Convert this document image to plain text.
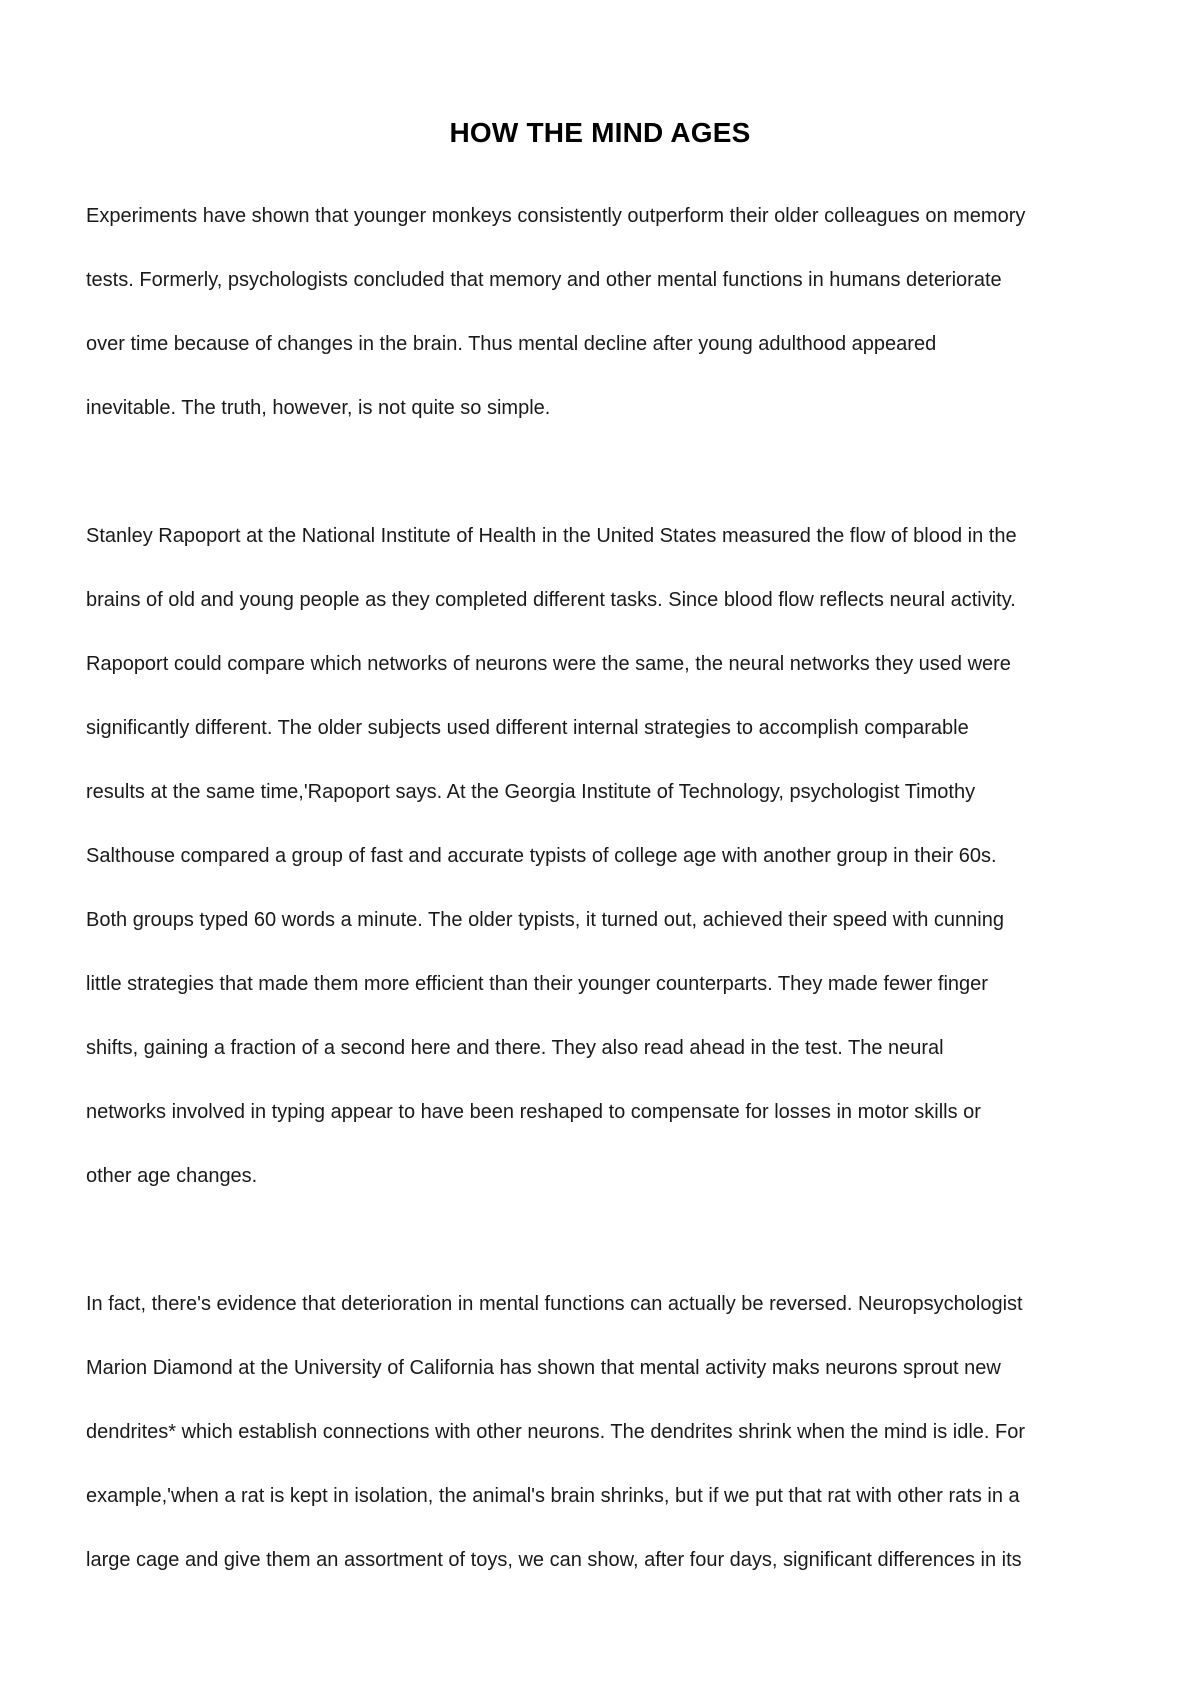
HOW THE MIND AGES
Experiments have shown that younger monkeys consistently outperform their older colleagues on memory
tests. Formerly, psychologists concluded that memory and other mental functions in humans deteriorate
over time because of changes in the brain. Thus mental decline after young adulthood appeared
inevitable. The truth, however, is not quite so simple.
Stanley Rapoport at the National Institute of Health in the United States measured the flow of blood in the
brains of old and young people as they completed different tasks. Since blood flow reflects neural activity.
Rapoport could compare which networks of neurons were the same, the neural networks they used were
significantly different. The older subjects used different internal strategies to accomplish comparable
results at the same time,'Rapoport says. At the Georgia Institute of Technology, psychologist Timothy
Salthouse compared a group of fast and accurate typists of college age with another group in their 60s.
Both groups typed 60 words a minute. The older typists, it turned out, achieved their speed with cunning
little strategies that made them more efficient than their younger counterparts. They made fewer finger
shifts, gaining a fraction of a second here and there. They also read ahead in the test. The neural
networks involved in typing appear to have been reshaped to compensate for losses in motor skills or
other age changes.
In fact, there's evidence that deterioration in mental functions can actually be reversed. Neuropsychologist
Marion Diamond at the University of California has shown that mental activity maks neurons sprout new
dendrites* which establish connections with other neurons. The dendrites shrink when the mind is idle. For
example,'when a rat is kept in isolation, the animal's brain shrinks, but if we put that rat with other rats in a
large cage and give them an assortment of toys, we can show, after four days, significant differences in its
